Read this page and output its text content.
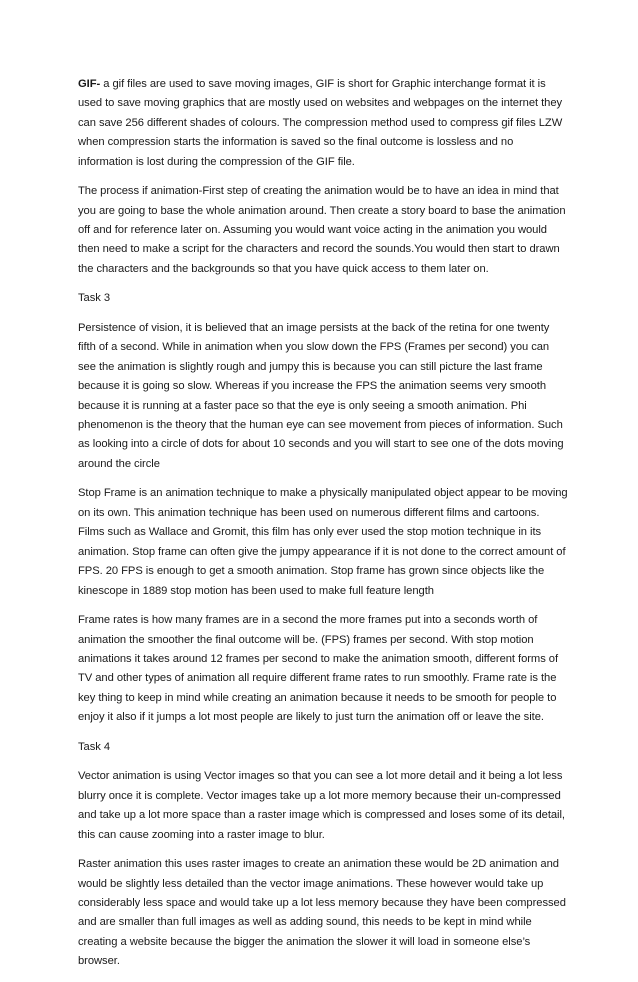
GIF- a gif files are used to save moving images, GIF is short for Graphic interchange format it is used to save moving graphics that are mostly used on websites and webpages on the internet they can save 256 different shades of colours. The compression method used to compress gif files LZW when compression starts the information is saved so the final outcome is lossless and no information is lost during the compression of the GIF file.

The process if animation-First step of creating the animation would be to have an idea in mind that you are going to base the whole animation around. Then create a story board to base the animation off and for reference later on. Assuming you would want voice acting in the animation you would then need to make a script for the characters and record the sounds.You would then start to drawn the characters and the backgrounds so that you have quick access to them later on.

Task 3

Persistence of vision, it is believed that an image persists at the back of the retina for one twenty fifth of a second. While in animation when you slow down the FPS (Frames per second) you can see the animation is slightly rough and jumpy this is because you can still picture the last frame because it is going so slow. Whereas if you increase the FPS the animation seems very smooth because it is running at a faster pace so that the eye is only seeing a smooth animation. Phi phenomenon is the theory that the human eye can see movement from pieces of information. Such as looking into a circle of dots for about 10 seconds and you will start to see one of the dots moving around the circle

Stop Frame is an animation technique to make a physically manipulated object appear to be moving on its own. This animation technique has been used on numerous different films and cartoons. Films such as Wallace and Gromit, this film has only ever used the stop motion technique in its animation. Stop frame can often give the jumpy appearance if it is not done to the correct amount of FPS. 20 FPS is enough to get a smooth animation. Stop frame has grown since objects like the kinescope in 1889 stop motion has been used to make full feature length

Frame rates is how many frames are in a second the more frames put into a seconds worth of animation the smoother the final outcome will be. (FPS) frames per second. With stop motion animations it takes around 12 frames per second to make the animation smooth, different forms of TV and other types of animation all require different frame rates to run smoothly. Frame rate is the key thing to keep in mind while creating an animation because it needs to be smooth for people to enjoy it also if it jumps a lot most people are likely to just turn the animation off or leave the site.

Task 4

Vector animation is using Vector images so that you can see a lot more detail and it being a lot less blurry once it is complete. Vector images take up a lot more memory because their un-compressed and take up a lot more space than a raster image which is compressed and loses some of its detail, this can cause zooming into a raster image to blur.

Raster animation this uses raster images to create an animation these would be 2D animation and would be slightly less detailed than the vector image animations. These however would take up considerably less space and would take up a lot less memory because they have been compressed and are smaller than full images as well as adding sound, this needs to be kept in mind while creating a website because the bigger the animation the slower it will load in someone else’s browser.
